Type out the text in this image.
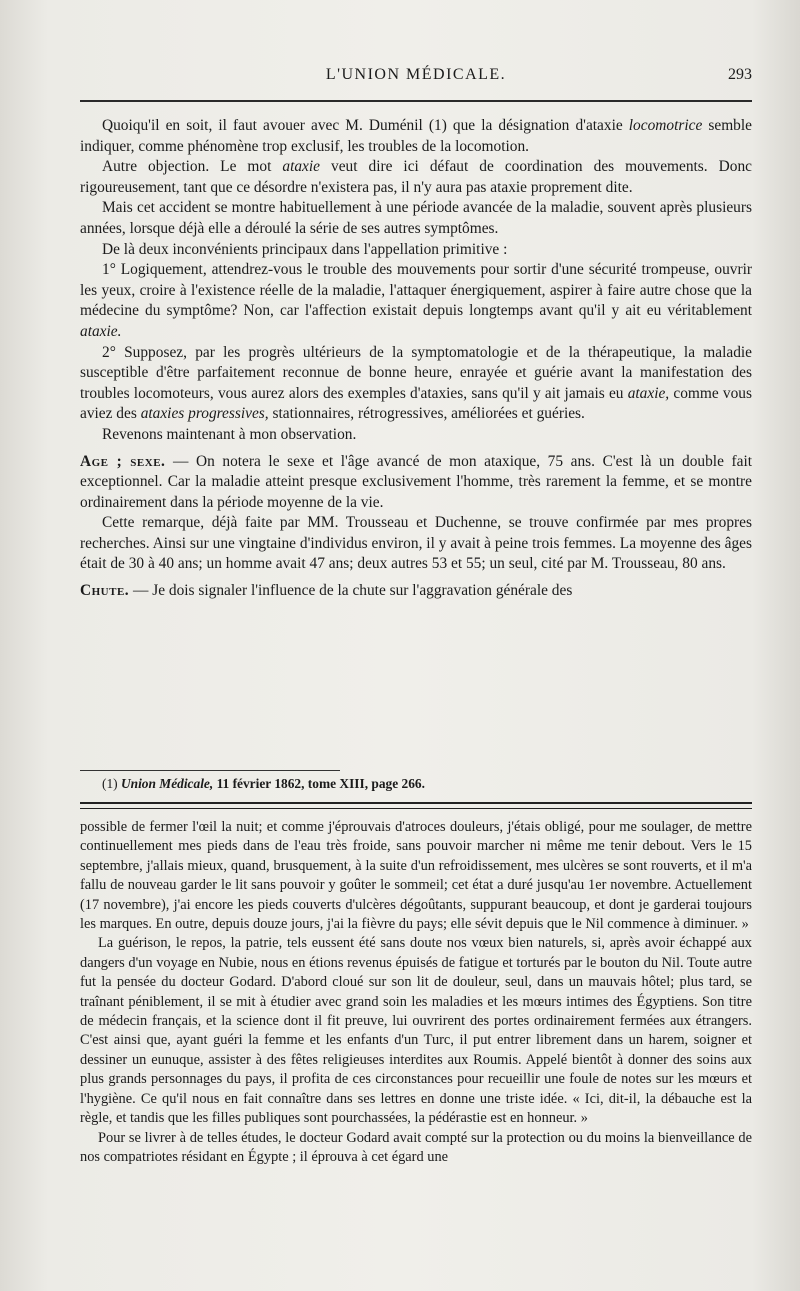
L'UNION MÉDICALE.	293

Quoiqu'il en soit, il faut avouer avec M. Duménil (1) que la désignation d'ataxie locomotrice semble indiquer, comme phénomène trop exclusif, les troubles de la locomotion.

Autre objection. Le mot ataxie veut dire ici défaut de coordination des mouvements. Donc rigoureusement, tant que ce désordre n'existera pas, il n'y aura pas ataxie proprement dite.

Mais cet accident se montre habituellement à une période avancée de la maladie, souvent après plusieurs années, lorsque déjà elle a déroulé la série de ses autres symptômes.

De là deux inconvénients principaux dans l'appellation primitive :

1° Logiquement, attendrez-vous le trouble des mouvements pour sortir d'une sécurité trompeuse, ouvrir les yeux, croire à l'existence réelle de la maladie, l'attaquer énergiquement, aspirer à faire autre chose que la médecine du symptôme? Non, car l'affection existait depuis longtemps avant qu'il y ait eu véritablement ataxie.

2° Supposez, par les progrès ultérieurs de la symptomatologie et de la thérapeutique, la maladie susceptible d'être parfaitement reconnue de bonne heure, enrayée et guérie avant la manifestation des troubles locomoteurs, vous aurez alors des exemples d'ataxies, sans qu'il y ait jamais eu ataxie, comme vous aviez des ataxies progressives, stationnaires, rétrogressives, améliorées et guéries.

Revenons maintenant à mon observation.

Age ; sexe. — On notera le sexe et l'âge avancé de mon ataxique, 75 ans. C'est là un double fait exceptionnel. Car la maladie atteint presque exclusivement l'homme, très rarement la femme, et se montre ordinairement dans la période moyenne de la vie.

Cette remarque, déjà faite par MM. Trousseau et Duchenne, se trouve confirmée par mes propres recherches. Ainsi sur une vingtaine d'individus environ, il y avait à peine trois femmes. La moyenne des âges était de 30 à 40 ans; un homme avait 47 ans; deux autres 53 et 55; un seul, cité par M. Trousseau, 80 ans.

Chute. — Je dois signaler l'influence de la chute sur l'aggravation générale des

(1) Union Médicale, 11 février 1862, tome XIII, page 266.

possible de fermer l'œil la nuit; et comme j'éprouvais d'atroces douleurs, j'étais obligé, pour me soulager, de mettre continuellement mes pieds dans de l'eau très froide, sans pouvoir marcher ni même me tenir debout. Vers le 15 septembre, j'allais mieux, quand, brusquement, à la suite d'un refroidissement, mes ulcères se sont rouverts, et il m'a fallu de nouveau garder le lit sans pouvoir y goûter le sommeil; cet état a duré jusqu'au 1er novembre. Actuellement (17 novembre), j'ai encore les pieds couverts d'ulcères dégoûtants, suppurant beaucoup, et dont je garderai toujours les marques. En outre, depuis douze jours, j'ai la fièvre du pays; elle sévit depuis que le Nil commence à diminuer. »

La guérison, le repos, la patrie, tels eussent été sans doute nos vœux bien naturels, si, après avoir échappé aux dangers d'un voyage en Nubie, nous en étions revenus épuisés de fatigue et torturés par le bouton du Nil. Toute autre fut la pensée du docteur Godard. D'abord cloué sur son lit de douleur, seul, dans un mauvais hôtel; plus tard, se traînant péniblement, il se mit à étudier avec grand soin les maladies et les mœurs intimes des Égyptiens. Son titre de médecin français, et la science dont il fit preuve, lui ouvrirent des portes ordinairement fermées aux étrangers. C'est ainsi que, ayant guéri la femme et les enfants d'un Turc, il put entrer librement dans un harem, soigner et dessiner un eunuque, assister à des fêtes religieuses interdites aux Roumis. Appelé bientôt à donner des soins aux plus grands personnages du pays, il profita de ces circonstances pour recueillir une foule de notes sur les mœurs et l'hygiène. Ce qu'il nous en fait connaître dans ses lettres en donne une triste idée. « Ici, dit-il, la débauche est la règle, et tandis que les filles publiques sont pourchassées, la pédérastie est en honneur. »

Pour se livrer à de telles études, le docteur Godard avait compté sur la protection ou du moins la bienveillance de nos compatriotes résidant en Égypte ; il éprouva à cet égard une
